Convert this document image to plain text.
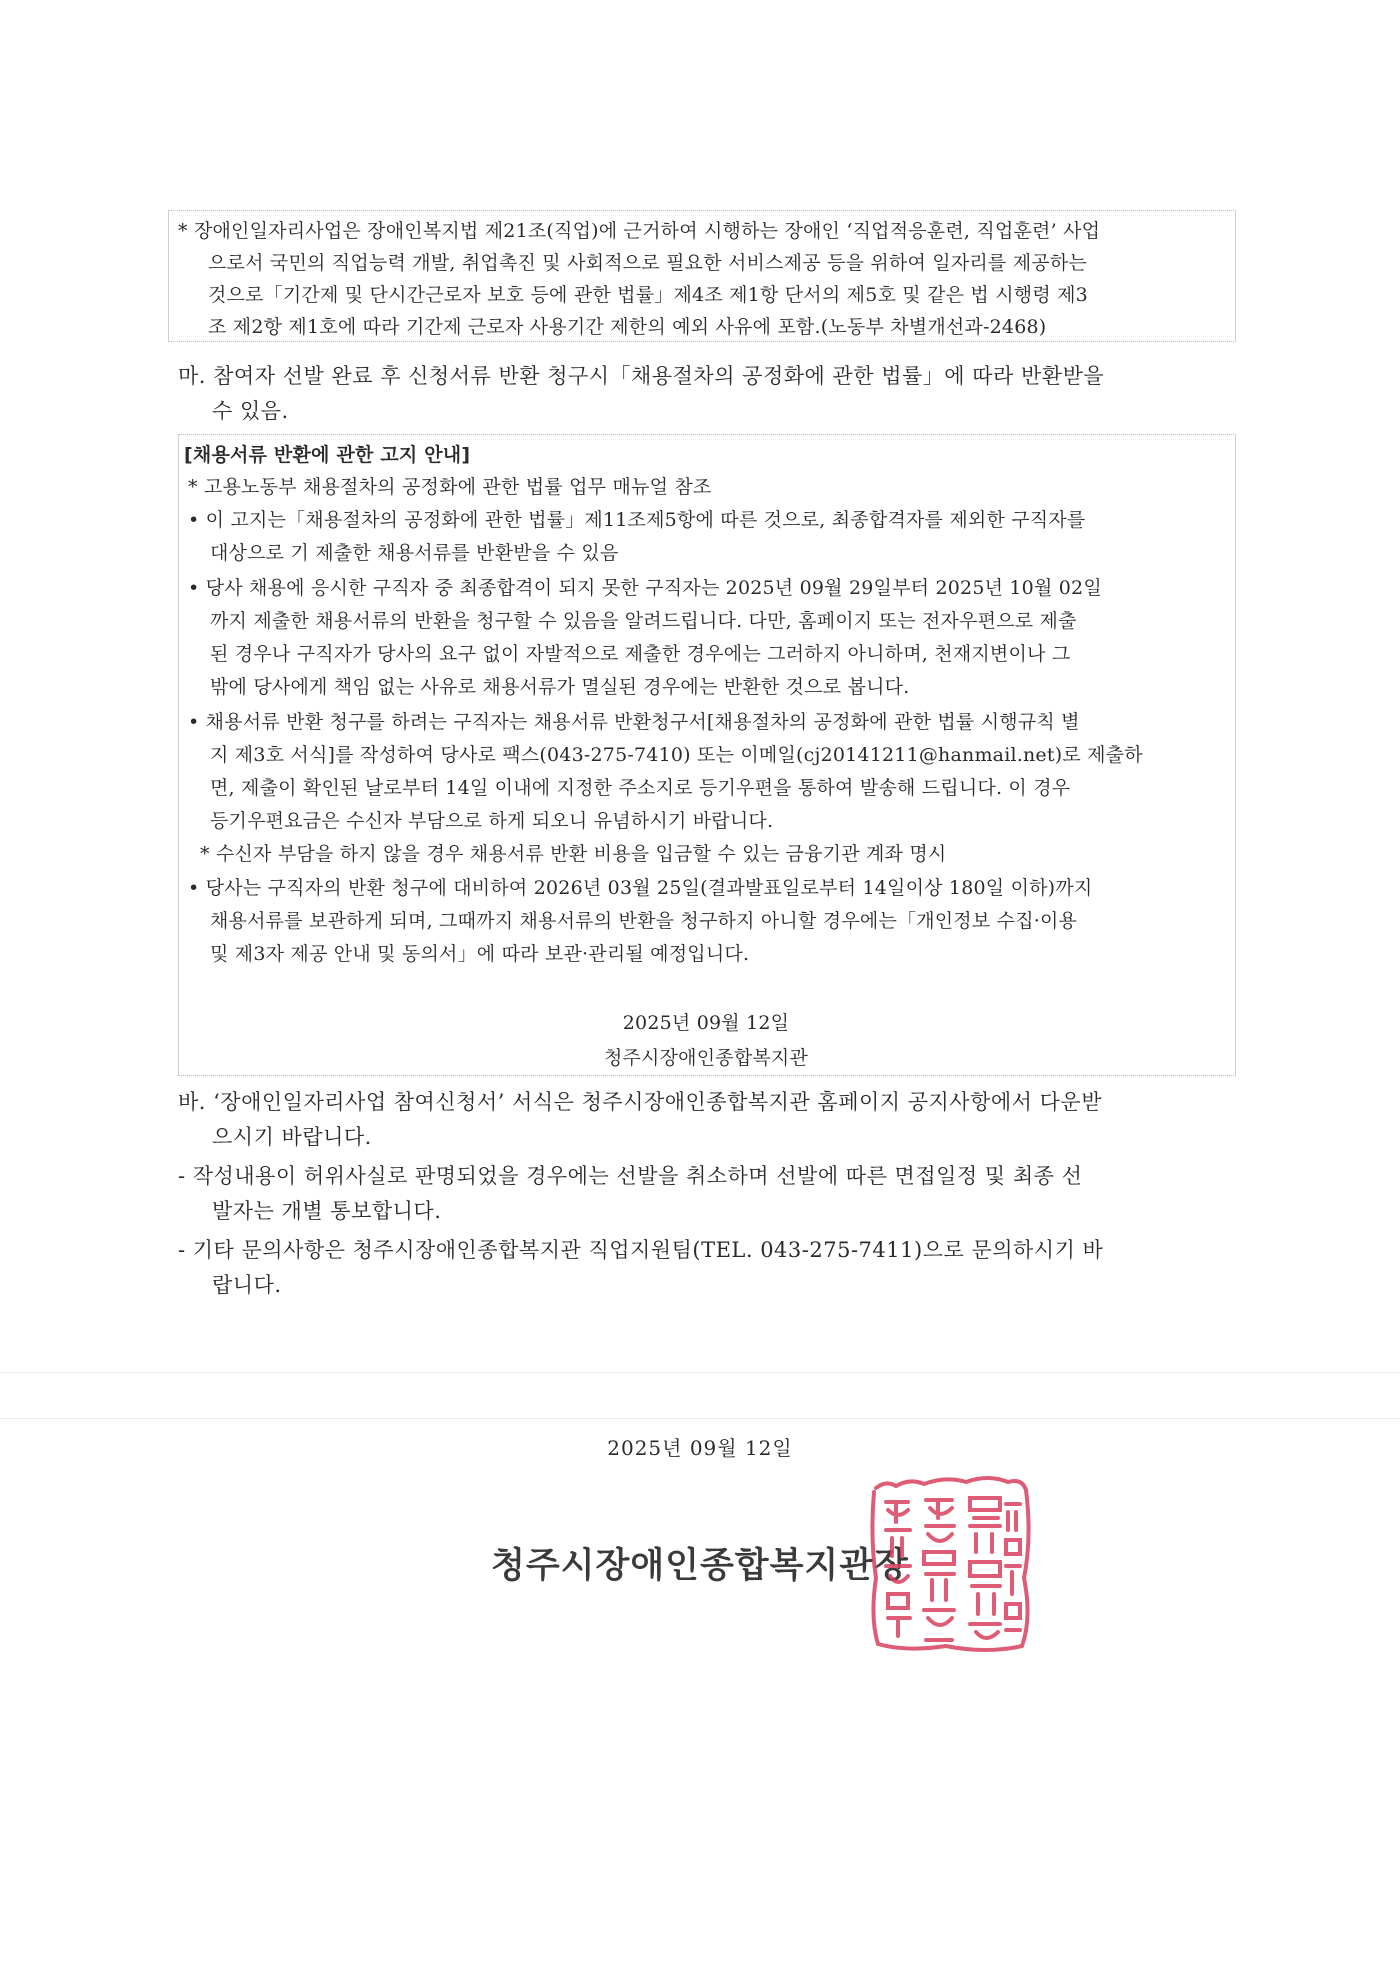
* 장애인일자리사업은 장애인복지법 제21조(직업)에 근거하여 시행하는 장애인 ‘직업적응훈련, 직업훈련’ 사업
으로서 국민의 직업능력 개발, 취업촉진 및 사회적으로 필요한 서비스제공 등을 위하여 일자리를 제공하는
것으로「기간제 및 단시간근로자 보호 등에 관한 법률」제4조 제1항 단서의 제5호 및 같은 법 시행령 제3
조 제2항 제1호에 따라 기간제 근로자 사용기간 제한의 예외 사유에 포함.(노동부 차별개선과-2468)
마. 참여자 선발 완료 후 신청서류 반환 청구시「채용절차의 공정화에 관한 법률」에 따라 반환받을
수 있음.
[채용서류 반환에 관한 고지 안내]
* 고용노동부 채용절차의 공정화에 관한 법률 업무 매뉴얼 참조
• 이 고지는「채용절차의 공정화에 관한 법률」제11조제5항에 따른 것으로, 최종합격자를 제외한 구직자를
대상으로 기 제출한 채용서류를 반환받을 수 있음
• 당사 채용에 응시한 구직자 중 최종합격이 되지 못한 구직자는 2025년 09월 29일부터 2025년 10월 02일
까지 제출한 채용서류의 반환을 청구할 수 있음을 알려드립니다. 다만, 홈페이지 또는 전자우편으로 제출
된 경우나 구직자가 당사의 요구 없이 자발적으로 제출한 경우에는 그러하지 아니하며, 천재지변이나 그
밖에 당사에게 책임 없는 사유로 채용서류가 멸실된 경우에는 반환한 것으로 봅니다.
• 채용서류 반환 청구를 하려는 구직자는 채용서류 반환청구서[채용절차의 공정화에 관한 법률 시행규칙 별
지 제3호 서식]를 작성하여 당사로 팩스(043-275-7410) 또는 이메일(cj20141211@hanmail.net)로 제출하
면, 제출이 확인된 날로부터 14일 이내에 지정한 주소지로 등기우편을 통하여 발송해 드립니다. 이 경우
등기우편요금은 수신자 부담으로 하게 되오니 유념하시기 바랍니다.
* 수신자 부담을 하지 않을 경우 채용서류 반환 비용을 입금할 수 있는 금융기관 계좌 명시
• 당사는 구직자의 반환 청구에 대비하여 2026년 03월 25일(결과발표일로부터 14일이상 180일 이하)까지
채용서류를 보관하게 되며, 그때까지 채용서류의 반환을 청구하지 아니할 경우에는「개인정보 수집·이용
및 제3자 제공 안내 및 동의서」에 따라 보관·관리될 예정입니다.
2025년 09월 12일
청주시장애인종합복지관
바. ‘장애인일자리사업 참여신청서’ 서식은 청주시장애인종합복지관 홈페이지 공지사항에서 다운받
으시기 바랍니다.
- 작성내용이 허위사실로 판명되었을 경우에는 선발을 취소하며 선발에 따른 면접일정 및 최종 선
발자는 개별 통보합니다.
- 기타 문의사항은 청주시장애인종합복지관 직업지원팀(TEL. 043-275-7411)으로 문의하시기 바
랍니다.
2025년 09월 12일
청주시장애인종합복지관장
